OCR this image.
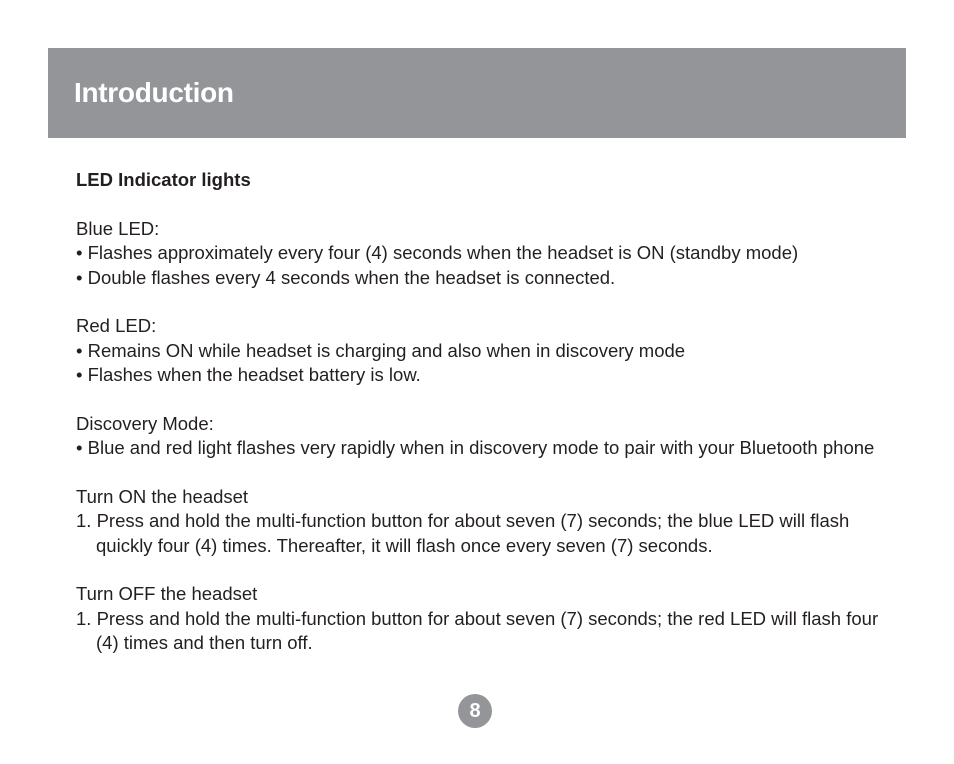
Introduction

LED Indicator lights

Blue LED:

• Flashes approximately every four (4) seconds when the headset is ON (standby mode)

• Double flashes every 4 seconds when the headset is connected.

Red LED:

• Remains ON while headset is charging and also when in discovery mode

• Flashes when the headset battery is low.

Discovery Mode:

• Blue and red light flashes very rapidly when in discovery mode to pair with your Bluetooth phone

Turn ON the headset

1. Press and hold the multi-function button for about seven (7) seconds; the blue LED will flash quickly four (4) times. Thereafter, it will flash once every seven (7) seconds.

Turn OFF the headset

1. Press and hold the multi-function button for about seven (7) seconds; the red LED will flash four (4) times and then turn off.

8
